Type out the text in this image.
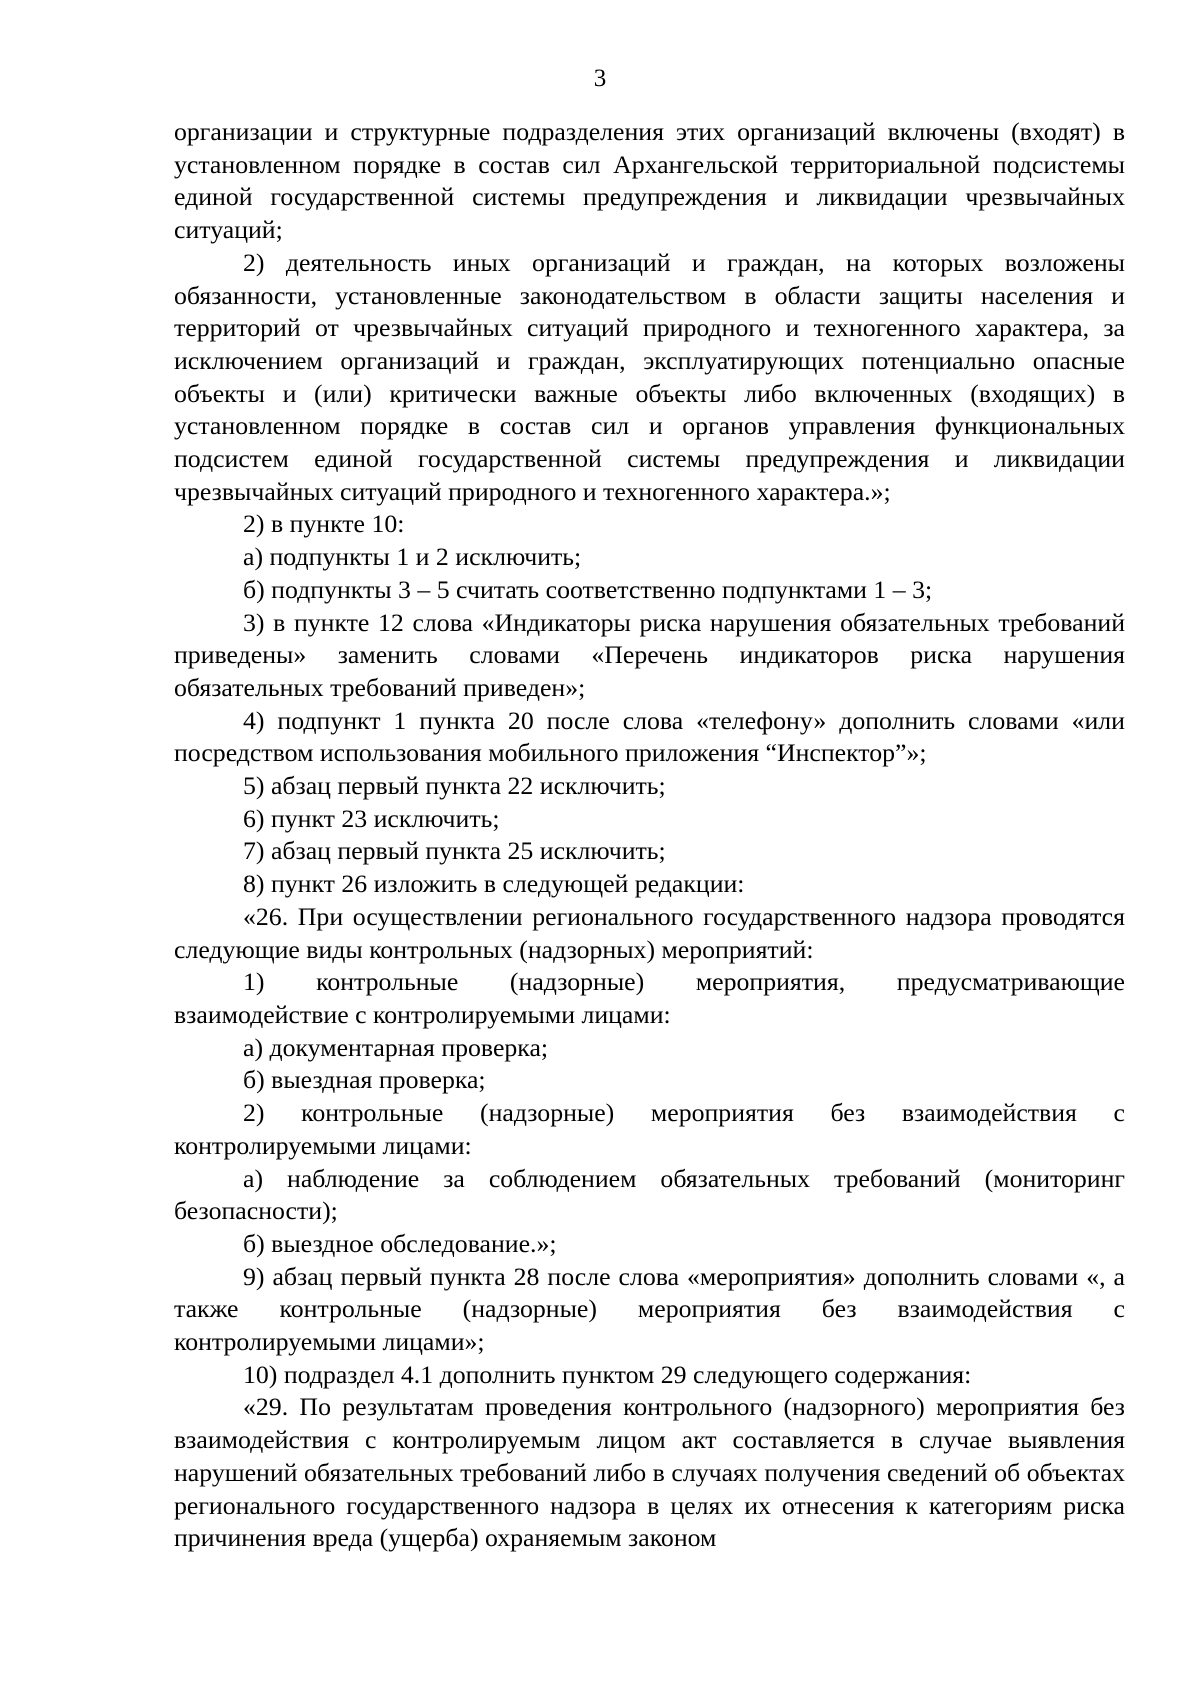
3

организации и структурные подразделения этих организаций включены (входят) в установленном порядке в состав сил Архангельской территориальной подсистемы единой государственной системы предупреждения и ликвидации чрезвычайных ситуаций;

2) деятельность иных организаций и граждан, на которых возложены обязанности, установленные законодательством в области защиты населения и территорий от чрезвычайных ситуаций природного и техногенного характера, за исключением организаций и граждан, эксплуатирующих потенциально опасные объекты и (или) критически важные объекты либо включенных (входящих) в установленном порядке в состав сил и органов управления функциональных подсистем единой государственной системы предупреждения и ликвидации чрезвычайных ситуаций природного и техногенного характера.»;

2) в пункте 10:

а) подпункты 1 и 2 исключить;

б) подпункты 3 – 5 считать соответственно подпунктами 1 – 3;

3) в пункте 12 слова «Индикаторы риска нарушения обязательных требований приведены» заменить словами «Перечень индикаторов риска нарушения обязательных требований приведен»;

4) подпункт 1 пункта 20 после слова «телефону» дополнить словами «или посредством использования мобильного приложения “Инспектор”»;

5) абзац первый пункта 22 исключить;

6) пункт 23 исключить;

7) абзац первый пункта 25 исключить;

8) пункт 26 изложить в следующей редакции:

«26. При осуществлении регионального государственного надзора проводятся следующие виды контрольных (надзорных) мероприятий:

1) контрольные (надзорные) мероприятия, предусматривающие взаимодействие с контролируемыми лицами:

а) документарная проверка;

б) выездная проверка;

2) контрольные (надзорные) мероприятия без взаимодействия с контролируемыми лицами:

а) наблюдение за соблюдением обязательных требований (мониторинг безопасности);

б) выездное обследование.»;

9) абзац первый пункта 28 после слова «мероприятия» дополнить словами «, а также контрольные (надзорные) мероприятия без взаимодействия с контролируемыми лицами»;

10) подраздел 4.1 дополнить пунктом 29 следующего содержания:

«29. По результатам проведения контрольного (надзорного) мероприятия без взаимодействия с контролируемым лицом акт составляется в случае выявления нарушений обязательных требований либо в случаях получения сведений об объектах регионального государственного надзора в целях их отнесения к категориям риска причинения вреда (ущерба) охраняемым законом
